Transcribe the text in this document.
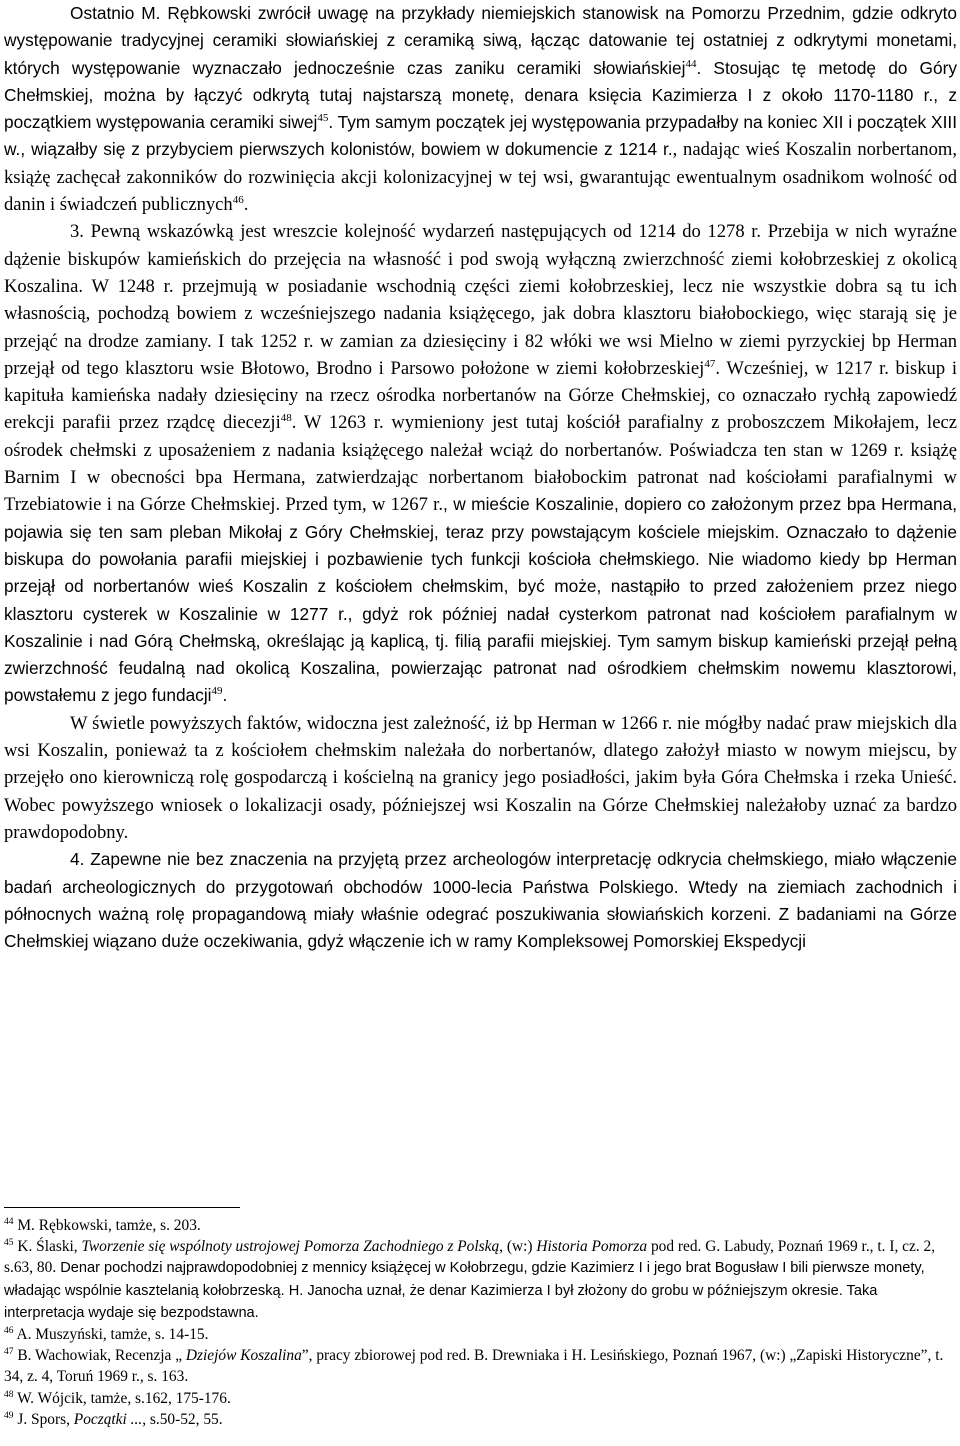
Ostatnio M. Rębkowski zwrócił uwagę na przykłady niemiejskich stanowisk na Pomorzu Przednim, gdzie odkryto występowanie tradycyjnej ceramiki słowiańskiej z ceramiką siwą, łącząc datowanie tej ostatniej z odkrytymi monetami, których występowanie wyznaczało jednocześnie czas zaniku ceramiki słowiańskiej$^{44}$. Stosując tę metodę do Góry Chełmskiej, można by łączyć odkrytą tutaj najstarszą monetę, denara księcia Kazimierza I z około 1170-1180 r., z początkiem występowania ceramiki siwej$^{45}$. Tym samym początek jej występowania przypadałby na koniec XII i początek XIII w., wiązałby się z przybyciem pierwszych kolonistów, bowiem w dokumencie z 1214 r., nadając wieś Koszalin norbertanom, książę zachęcał zakonników do rozwinięcia akcji kolonizacyjnej w tej wsi, gwarantując ewentualnym osadnikom wolność od danin i świadczeń publicznych$^{46}$.

3. Pewną wskazówką jest wreszcie kolejność wydarzeń następujących od 1214 do 1278 r. Przebija w nich wyraźne dążenie biskupów kamieńskich do przejęcia na własność i pod swoją wyłączną zwierzchność ziemi kołobrzeskiej z okolicą Koszalina. W 1248 r. przejmują w posiadanie wschodnią części ziemi kołobrzeskiej, lecz nie wszystkie dobra są tu ich własnością, pochodzą bowiem z wcześniejszego nadania książęcego, jak dobra klasztoru białobockiego, więc starają się je przejąć na drodze zamiany. I tak 1252 r. w zamian za dziesięciny i 82 włóki we wsi Mielno w ziemi pyrzyckiej bp Herman przejął od tego klasztoru wsie Błotowo, Brodno i Parsowo położone w ziemi kołobrzeskiej$^{47}$. Wcześniej, w 1217 r. biskup i kapituła kamieńska nadały dziesięciny na rzecz ośrodka norbertanów na Górze Chełmskiej, co oznaczało rychłą zapowiedź erekcji parafii przez rządcę diecezji$^{48}$. W 1263 r. wymieniony jest tutaj kościół parafialny z proboszczem Mikołajem, lecz ośrodek chełmski z uposażeniem z nadania książęcego należał wciąż do norbertanów. Poświadcza ten stan w 1269 r. książę Barnim I w obecności bpa Hermana, zatwierdzając norbertanom białobockim patronat nad kościołami parafialnymi w Trzebiatowie i na Górze Chełmskiej. Przed tym, w 1267 r., w mieście Koszalinie, dopiero co założonym przez bpa Hermana, pojawia się ten sam pleban Mikołaj z Góry Chełmskiej, teraz przy powstającym kościele miejskim. Oznaczało to dążenie biskupa do powołania parafii miejskiej i pozbawienie tych funkcji kościoła chełmskiego. Nie wiadomo kiedy bp Herman przejął od norbertanów wieś Koszalin z kościołem chełmskim, być może, nastąpiło to przed założeniem przez niego klasztoru cysterek w Koszalinie w 1277 r., gdyż rok później nadał cysterkom patronat nad kościołem parafialnym w Koszalinie i nad Górą Chełmską, określając ją kaplicą, tj. filią parafii miejskiej. Tym samym biskup kamieński przejął pełną zwierzchność feudalną nad okolicą Koszalina, powierzając patronat nad ośrodkiem chełmskim nowemu klasztorowi, powstałemu z jego fundacji$^{49}$.

W świetle powyższych faktów, widoczna jest zależność, iż bp Herman w 1266 r. nie mógłby nadać praw miejskich dla wsi Koszalin, ponieważ ta z kościołem chełmskim należała do norbertanów, dlatego założył miasto w nowym miejscu, by przejęło ono kierowniczą rolę gospodarczą i kościelną na granicy jego posiadłości, jakim była Góra Chełmska i rzeka Unieść. Wobec powyższego wniosek o lokalizacji osady, późniejszej wsi Koszalin na Górze Chełmskiej należałoby uznać za bardzo prawdopodobny.

4. Zapewne nie bez znaczenia na przyjętą przez archeologów interpretację odkrycia chełmskiego, miało włączenie badań archeologicznych do przygotowań obchodów 1000-lecia Państwa Polskiego. Wtedy na ziemiach zachodnich i północnych ważną rolę propagandową miały właśnie odegrać poszukiwania słowiańskich korzeni. Z badaniami na Górze Chełmskiej wiązano duże oczekiwania, gdyż włączenie ich w ramy Kompleksowej Pomorskiej Ekspedycji

$^{44}$ M. Rębkowski, tamże, s. 203.

$^{45}$ K. Ślaski, Tworzenie się wspólnoty ustrojowej Pomorza Zachodniego z Polską, (w:) Historia Pomorza pod red. G. Labudy, Poznań 1969 r., t. I, cz. 2, s.63, 80. Denar pochodzi najprawdopodobniej z mennicy książęcej w Kołobrzegu, gdzie Kazimierz I i jego brat Bogusław I bili pierwsze monety, władając wspólnie kasztelanią kołobrzeską. H. Janocha uznał, że denar Kazimierza I był złożony do grobu w późniejszym okresie. Taka interpretacja wydaje się bezpodstawna.

$^{46}$ A. Muszyński, tamże, s. 14-15.

$^{47}$ B. Wachowiak, Recenzja „ Dziejów Koszalina”, pracy zbiorowej pod red. B. Drewniaka i H. Lesińskiego, Poznań 1967, (w:) „Zapiski Historyczne”, t. 34, z. 4, Toruń 1969 r., s. 163.

$^{48}$ W. Wójcik, tamże, s.162, 175-176.

$^{49}$ J. Spors, Początki ..., s.50-52, 55.
